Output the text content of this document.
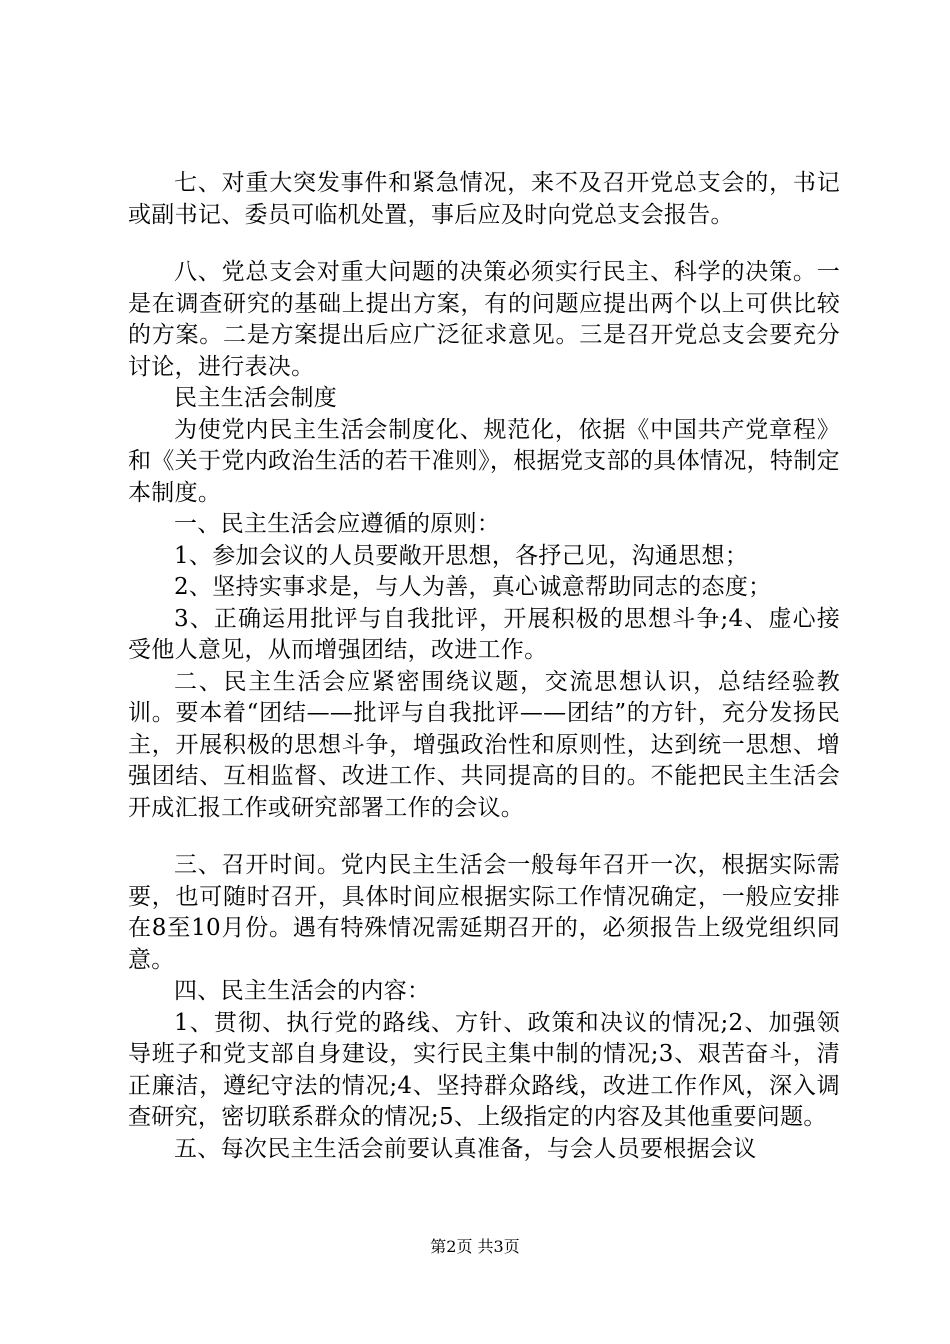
七、对重大突发事件和紧急情况，来不及召开党总支会的，书记或副书记、委员可临机处置，事后应及时向党总支会报告。

八、党总支会对重大问题的决策必须实行民主、科学的决策。一是在调查研究的基础上提出方案，有的问题应提出两个以上可供比较的方案。二是方案提出后应广泛征求意见。三是召开党总支会要充分讨论，进行表决。

民主生活会制度

为使党内民主生活会制度化、规范化，依据《中国共产党章程》和《关于党内政治生活的若干准则》，根据党支部的具体情况，特制定本制度。

一、民主生活会应遵循的原则：

1、参加会议的人员要敞开思想，各抒己见，沟通思想；

2、坚持实事求是，与人为善，真心诚意帮助同志的态度；

3、正确运用批评与自我批评，开展积极的思想斗争;4、虚心接受他人意见，从而增强团结，改进工作。

二、民主生活会应紧密围绕议题，交流思想认识，总结经验教训。要本着“团结——批评与自我批评——团结”的方针，充分发扬民主，开展积极的思想斗争，增强政治性和原则性，达到统一思想、增强团结、互相监督、改进工作、共同提高的目的。不能把民主生活会开成汇报工作或研究部署工作的会议。

三、召开时间。党内民主生活会一般每年召开一次，根据实际需要，也可随时召开，具体时间应根据实际工作情况确定，一般应安排在8至10月份。遇有特殊情况需延期召开的，必须报告上级党组织同意。

四、民主生活会的内容：

1、贯彻、执行党的路线、方针、政策和决议的情况;2、加强领导班子和党支部自身建设，实行民主集中制的情况;3、艰苦奋斗，清正廉洁，遵纪守法的情况;4、坚持群众路线，改进工作作风，深入调查研究，密切联系群众的情况;5、上级指定的内容及其他重要问题。

五、每次民主生活会前要认真准备，与会人员要根据会议

第2页 共3页
